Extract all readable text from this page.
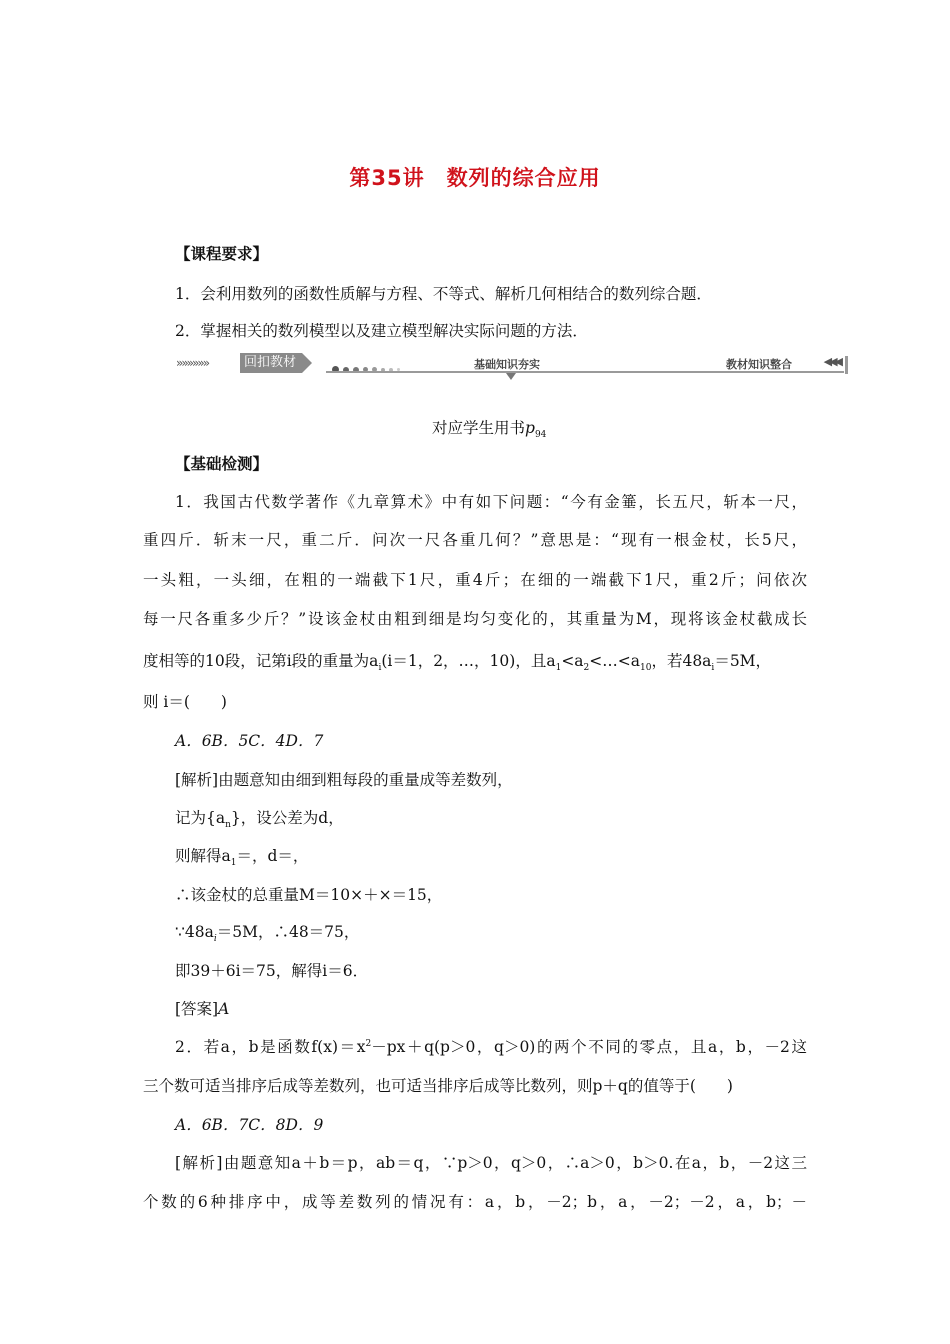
第35讲　数列的综合应用
【课程要求】
1．会利用数列的函数性质解与方程、不等式、解析几何相结合的数列综合题．
2．掌握相关的数列模型以及建立模型解决实际问题的方法．
»»»»»»	回扣教材	基础知识夯实	教材知识整合	◀◀◀
对应学生用书$p_{94}$
【基础检测】
1．我国古代数学著作《九章算术》中有如下问题：“今有金箠，长五尺，斩本一尺，
重四斤．斩末一尺，重二斤．问次一尺各重几何？”意思是：“现有一根金杖，长5尺，
一头粗，一头细，在粗的一端截下1尺，重4斤；在细的一端截下1尺，重2斤；问依次
每一尺各重多少斤？”设该金杖由粗到细是均匀变化的，其重量为M，现将该金杖截成长
度相等的10段，记第i段的重量为$a_i(i=1$，2，…，10)，且$a_1<a_2<\dots<a_{10}$，若$48a_i=5M$，
则 i＝(　　)
A．6B．5C．4D．7
[解析]由题意知由细到粗每段的重量成等差数列，
记为$\{a_n\}$，设公差为d，
则解得$a_1=$，d＝，
∴该金杖的总重量M＝10×＋×＝15，
$\because 48a_i=5M$，∴48＝75，
即39＋6i＝75，解得i＝6．
[答案]A
2．若a，b是函数$f(x)=x^2-px+q(p>0$，q＞0)的两个不同的零点，且a，b，－2这
三个数可适当排序后成等差数列，也可适当排序后成等比数列，则p＋q的值等于(　　)
A．6B．7C．8D．9
[解析]由题意知a＋b＝p，ab＝q，∵p＞0，q＞0，∴a＞0，b＞0.在a，b，－2这三
个数的6种排序中，成等差数列的情况有：a，b，－2；b，a，－2；－2，a，b；－
